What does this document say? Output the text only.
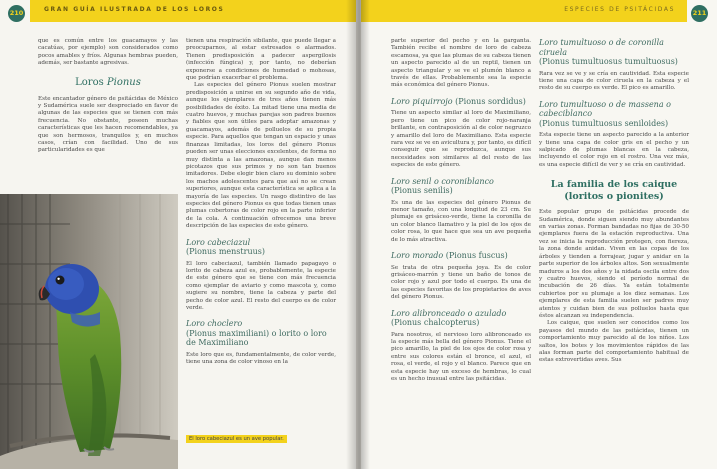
210	GRAN GUÍA ILUSTRADA DE LOS LOROS

que es común entre los guacamayos y las cacatúas, por ejemplo) son considerados como pocos amables y fríos. Algunas hembras pueden, además, ser bastante agresivas.

Loros Pionus

Este encantador género de psitácidas de México y Sudamérica suele ser despreciado en favor de algunas de las especies que se tienen con más frecuencia. No obstante, poseen muchas características que les hacen recomendables, ya que son hermosos, tranquilos y, en muchos casos, crían con facilidad. Uno de sus particularidades es que

tienen una respiración sibilante, que puede llegar a preocuparnos, al estar estresados o alarmados. Tienen predisposición a padecer aspergilosis (infección fúngica) y, por tanto, no deberían exponerse a condiciones de humedad o mohosas, que podrían exacerbar el problema.

Las especies del género Pionus suelen mostrar predisposición a unirse en su segundo año de vida, aunque los ejemplares de tres años tienen más posibilidades de éxito. La mitad tiene una media de cuatro huevos, y muchas parejas son padres buenos y fiables que son útiles para adoptar amazonas y guacamayos, además de polluelos de su propia especie. Para aquellos que tengan un espacio y unas finanzas limitadas, los loros del género Pionus pueden ser unas elecciones excelentes, de forma no muy distinta a las amazonas, aunque dan menos picotazos que sus primos y no son tan buenos imitadores. Debe elegir bien claro su dominio sobre los machos adolescentes para que así no se crean superiores, aunque esta característica se aplica a la mayoría de las especies. Un rasgo distintivo de las especies del género Pionus es que todas tienen unas plumas cobertoras de color rojo en la parte inferior de la cola. A continuación ofrecemos una breve descripción de las especies de este género.

Loro cabeciazul
(Pionus menstruus)

El loro cabeciazul, también llamado papagayo o lorito de cabeza azul es, probablemente, la especie de este género que se tiene con más frecuencia como ejemplar de aviario y como mascota y, como sugiere su nombre, tiene la cabeza y parte del pecho de color azul. El resto del cuerpo es de color verde.

Loro choclero
(Pionus maximiliani) o lorito o loro de Maximiliano

Este loro que es, fundamentalmente, de color verde, tiene una zona de color vinoso en la

El loro cabeciazul es un ave popular.
ESPECIES DE PSITÁCIDAS	211

parte superior del pecho y en la garganta. También recibe el nombre de loro de cabeza escamosa, ya que las plumas de su cabeza tienen un aspecto parecido al de un reptil, tienen un aspecto triangular y se ve el plumón blanco a través de ellas. Probablemente sea la especie más económica del género Pionus.

Loro piquirrojo (Pionus sordidus)

Tiene un aspecto similar al loro de Maximiliano, pero tiene un pico de color rojo-naranja brillante, en contraposición al de color negruzco y amarillo del loro de Maximiliano. Esta especie rara vez se ve en avicultura y, por tanto, es difícil conseguir que se reproduzca, aunque sus necesidades son similares al del resto de las especies de este género.

Loro senil o coroniblanco
(Pionus senilis)

Es una de las especies del género Pionus de menor tamaño, con una longitud de 23 cm. Su plumaje es grisáceo-verde, tiene la coronilla de un color blanco llamativo y la piel de los ojos de color rosa, lo que hace que sea un ave pequeña de lo más atractiva.

Loro morado (Pionus fuscus)

Se trata de otra pequeña joya. Es de color grisáceo-marrón y tiene un baño de tonos de color rojo y azul por todo el cuerpo. Es una de las especies favoritas de los propietarios de aves del género Pionus.

Loro alibronceado o azulado
(Pionus chalcopterus)

Para nosotros, el nervioso loro alibronceado es la especie más bella del género Pionus. Tiene el pico amarillo, la piel de los ojos de color rosa y entre sus colores están el bronce, el azul, el rosa, el verde, el rojo y el blanco. Parece que en esta especie hay un exceso de hembras, lo cual es un hecho inusual entre las psitácidas.

Loro tumultuoso o de coronilla ciruela
(Pionus tumultuosus tumultuosus)

Rara vez se ve y se cría en cautividad. Esta especie tiene una capa de color ciruela en la cabeza y el resto de su cuerpo es verde. El pico es amarillo.

Loro tumultuoso o de massena o cabeciblanco
(Pionus tumultuosus seniloides)

Esta especie tiene un aspecto parecido a la anterior y tiene una capa de color gris en el pecho y un salpicado de plumas blancas en la cabeza, incluyendo el color rojo en el rostro. Una vez más, es una especie difícil de ver y se cría en cautividad.

La familia de los caique (loritos o pionites)

Este popular grupo de psitácidas procede de Sudamérica, donde siguen siendo muy abundantes en varias zonas. Forman bandadas no fijas de 30-50 ejemplares fuera de la estación reproductiva. Una vez se inicia la reproducción protegen, con fiereza, la zona donde anidan. Viven en las copas de los árboles y tienden a forrajear, jugar y anidar en la parte superior de los árboles altos. Son sexualmente maduros a los dos años y la nidada oscila entre dos y cuatro huevos, siendo el período normal de incubación de 26 días. Ya están totalmente cubiertos por su plumaje a los diez semanas. Los ejemplares de esta familia suelen ser padres muy atentos y cuidan bien de sus polluelos hasta que éstos alcanzan su independencia.

Los caique, que suelen ser conocidos como los payasos del mundo de las psitácidas, tienen un comportamiento muy parecido al de los niños. Los saltos, los botes y los movimientos rápidos de las alas forman parte del comportamiento habitual de estas extrovertidas aves. Sus
